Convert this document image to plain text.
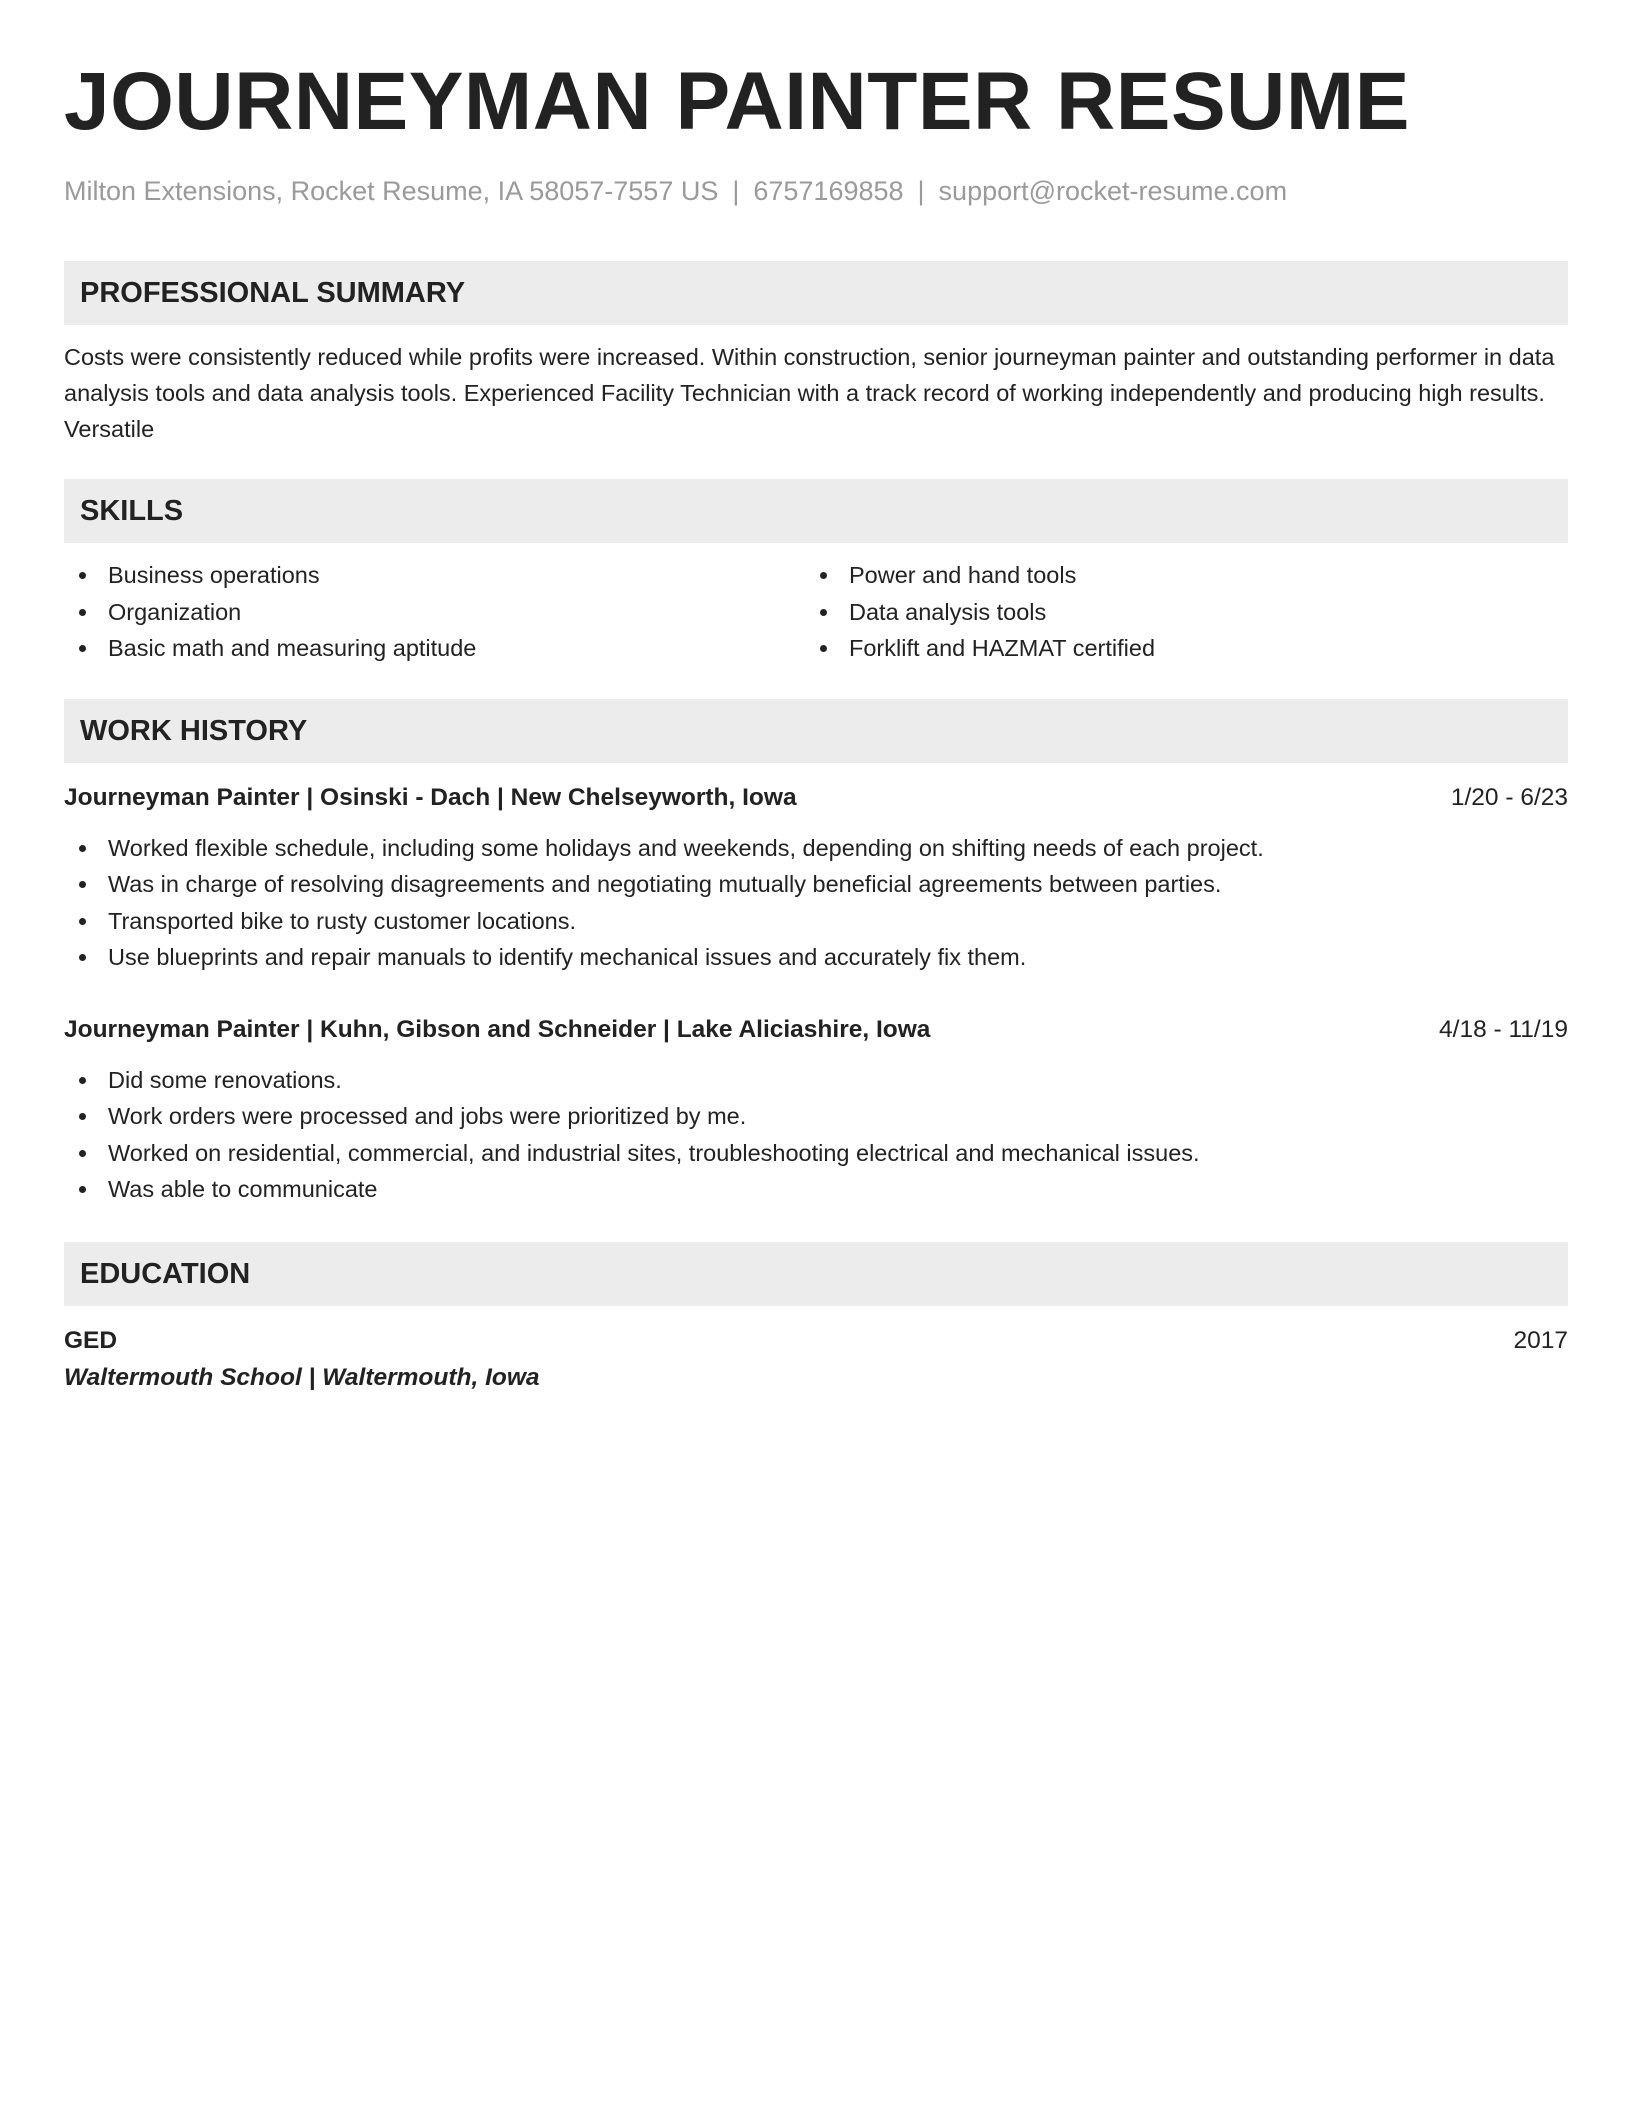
JOURNEYMAN PAINTER RESUME
Milton Extensions, Rocket Resume, IA 58057-7557 US | 6757169858 | support@rocket-resume.com
PROFESSIONAL SUMMARY
Costs were consistently reduced while profits were increased. Within construction, senior journeyman painter and outstanding performer in data analysis tools and data analysis tools. Experienced Facility Technician with a track record of working independently and producing high results. Versatile
SKILLS
Business operations
Organization
Basic math and measuring aptitude
Power and hand tools
Data analysis tools
Forklift and HAZMAT certified
WORK HISTORY
Journeyman Painter | Osinski - Dach | New Chelseyworth, Iowa	1/20 - 6/23
Worked flexible schedule, including some holidays and weekends, depending on shifting needs of each project.
Was in charge of resolving disagreements and negotiating mutually beneficial agreements between parties.
Transported bike to rusty customer locations.
Use blueprints and repair manuals to identify mechanical issues and accurately fix them.
Journeyman Painter | Kuhn, Gibson and Schneider | Lake Aliciashire, Iowa	4/18 - 11/19
Did some renovations.
Work orders were processed and jobs were prioritized by me.
Worked on residential, commercial, and industrial sites, troubleshooting electrical and mechanical issues.
Was able to communicate
EDUCATION
GED	2017
Waltermouth School | Waltermouth, Iowa
